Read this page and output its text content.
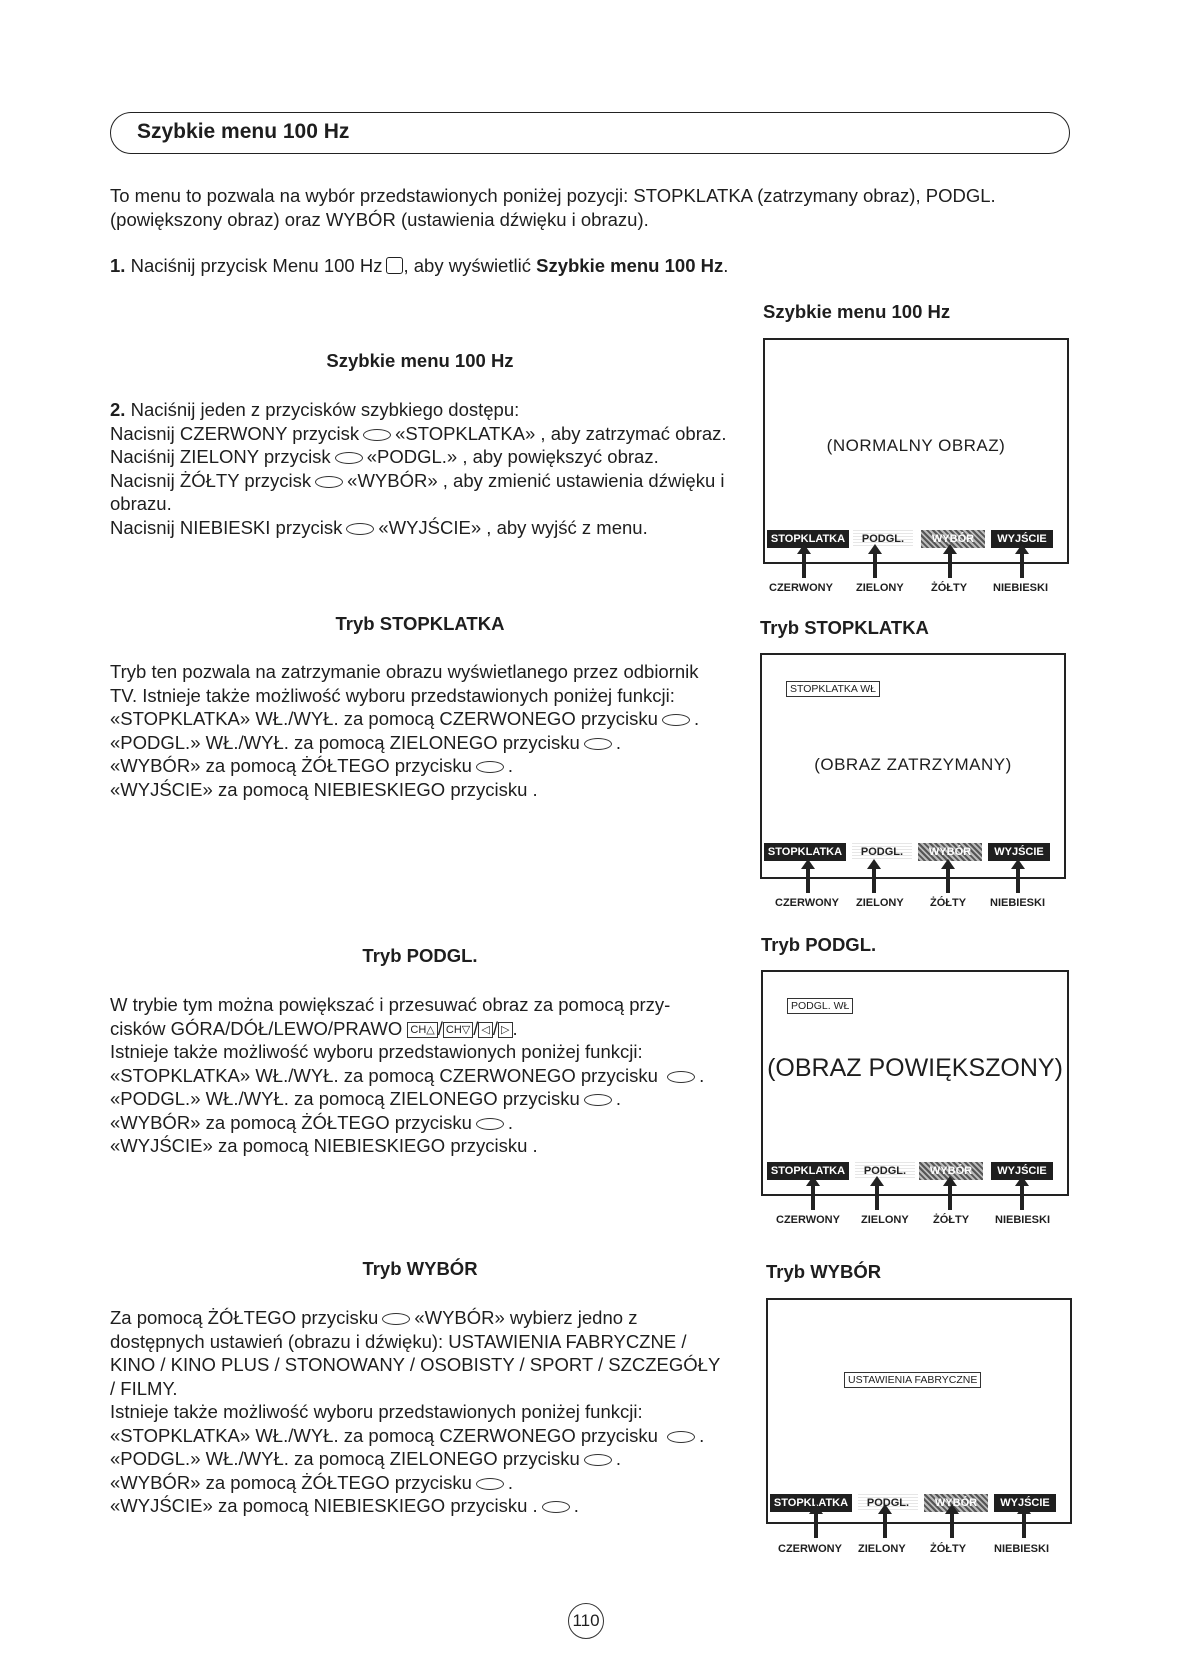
Szybkie menu 100 Hz
To menu to pozwala na wybór przedstawionych poniżej pozycji: STOPKLATKA (zatrzymany obraz), PODGL. (powiększony obraz) oraz WYBÓR (ustawienia dźwięku i obrazu).
1. Naciśnij przycisk Menu 100 Hz , aby wyświetlić Szybkie menu 100 Hz.
Szybkie menu 100 Hz
2. Naciśnij jeden z przycisków szybkiego dostępu:
Nacisnij CZERWONY przycisk «STOPKLATKA» , aby zatrzymać obraz.
Naciśnij ZIELONY przycisk «PODGL.» , aby powiększyć obraz.
Nacisnij ŻÓŁTY przycisk «WYBÓR» , aby zmienić ustawienia dźwięku i obrazu.
Nacisnij NIEBIESKI przycisk «WYJŚCIE» , aby wyjść z menu.
Tryb STOPKLATKA
Tryb ten pozwala na zatrzymanie obrazu wyświetlanego przez odbiornik TV. Istnieje także możliwość wyboru przedstawionych poniżej funkcji:
«STOPKLATKA» WŁ./WYŁ. za pomocą CZERWONEGO przycisku .
«PODGL.» WŁ./WYŁ. za pomocą ZIELONEGO przycisku .
«WYBÓR» za pomocą ŻÓŁTEGO przycisku .
«WYJŚCIE» za pomocą NIEBIESKIEGO przycisku .
Tryb PODGL.
W trybie tym można powiększać i przesuwać obraz za pomocą przy- cisków GÓRA/DÓŁ/LEWO/PRAWO CH△ / CH▽ / ◁ / ▷ .
Istnieje także możliwość wyboru przedstawionych poniżej funkcji:
«STOPKLATKA» WŁ./WYŁ. za pomocą CZERWONEGO przycisku .
«PODGL.» WŁ./WYŁ. za pomocą ZIELONEGO przycisku .
«WYBÓR» za pomocą ŻÓŁTEGO przycisku .
«WYJŚCIE» za pomocą NIEBIESKIEGO przycisku .
Tryb WYBÓR
Za pomocą ŻÓŁTEGO przycisku «WYBÓR» wybierz jedno z dostępnych ustawień (obrazu i dźwięku): USTAWIENIA FABRYCZNE / KINO / KINO PLUS / STONOWANY / OSOBISTY / SPORT / SZCZEGÓŁY / FILMY.
Istnieje także możliwość wyboru przedstawionych poniżej funkcji:
«STOPKLATKA» WŁ./WYŁ. za pomocą CZERWONEGO przycisku .
«PODGL.» WŁ./WYŁ. za pomocą ZIELONEGO przycisku .
«WYBÓR» za pomocą ŻÓŁTEGO przycisku .
«WYJŚCIE» za pomocą NIEBIESKIEGO przycisku . .
Szybkie menu 100 Hz
(NORMALNY OBRAZ)
STOPKLATKA	PODGL.	WYBÓR	WYJŚCIE
CZERWONY ZIELONY ŻÓŁTY NIEBIESKI
Tryb STOPKLATKA
STOPKLATKA WŁ
(OBRAZ ZATRZYMANY)
STOPKLATKA	PODGL.	WYBÓR	WYJŚCIE
CZERWONY ZIELONY ŻÓŁTY NIEBIESKI
Tryb PODGL.
PODGL. WŁ
(OBRAZ POWIĘKSZONY)
STOPKLATKA	PODGL.	WYBÓR	WYJŚCIE
CZERWONY ZIELONY ŻÓŁTY NIEBIESKI
Tryb WYBÓR
USTAWIENIA FABRYCZNE
STOPKLATKA	PODGL.	WYBÓR	WYJŚCIE
CZERWONY ZIELONY ŻÓŁTY	NIEBIESKI
110
